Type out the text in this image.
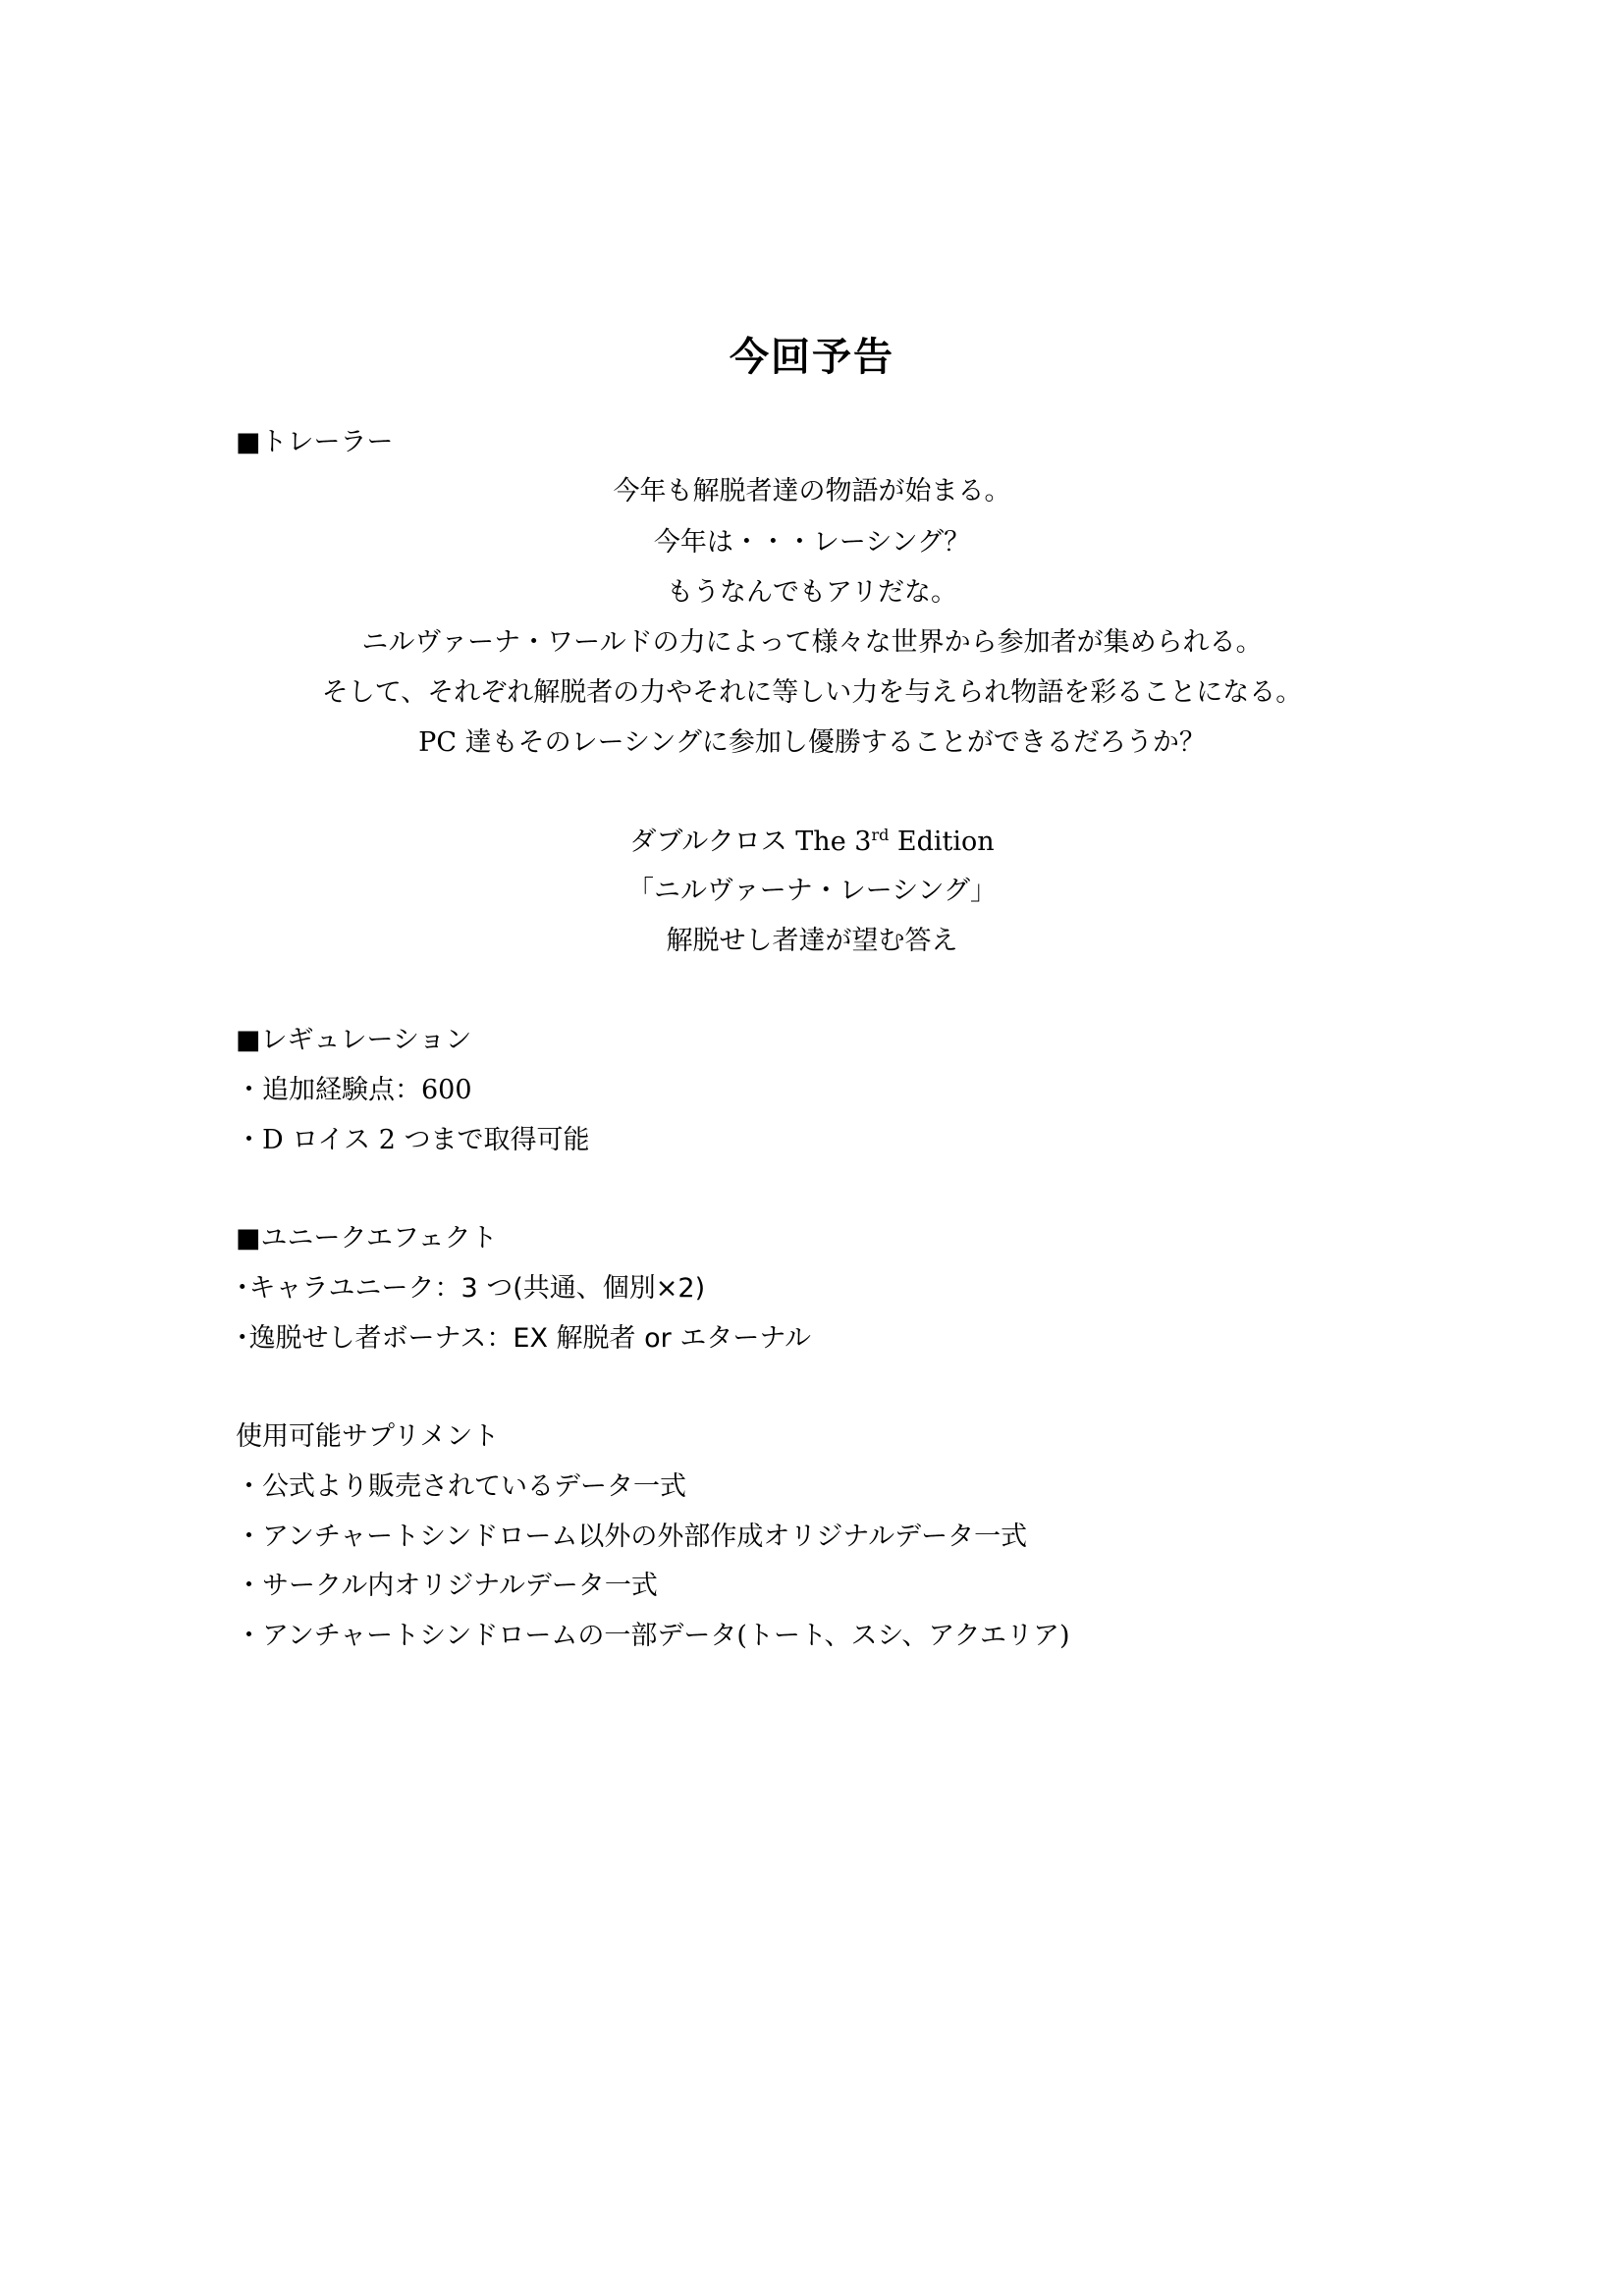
今回予告
■トレーラー
今年も解脱者達の物語が始まる。
今年は・・・レーシング？
もうなんでもアリだな。
ニルヴァーナ・ワールドの力によって様々な世界から参加者が集められる。
そして、それぞれ解脱者の力やそれに等しい力を与えられ物語を彩ることになる。
PC 達もそのレーシングに参加し優勝することができるだろうか？
ダブルクロス The 3rd Edition
「ニルヴァーナ・レーシング」
解脱せし者達が望む答え
■レギュレーション
・追加経験点：600
・D ロイス 2 つまで取得可能
■ユニークエフェクト
･キャラユニーク：3 つ(共通、個別×2)
･逸脱せし者ボーナス：EX 解脱者 or エターナル
使用可能サプリメント
・公式より販売されているデータ一式
・アンチャートシンドローム以外の外部作成オリジナルデータ一式
・サークル内オリジナルデータ一式
・アンチャートシンドロームの一部データ(トート、スシ、アクエリア)
